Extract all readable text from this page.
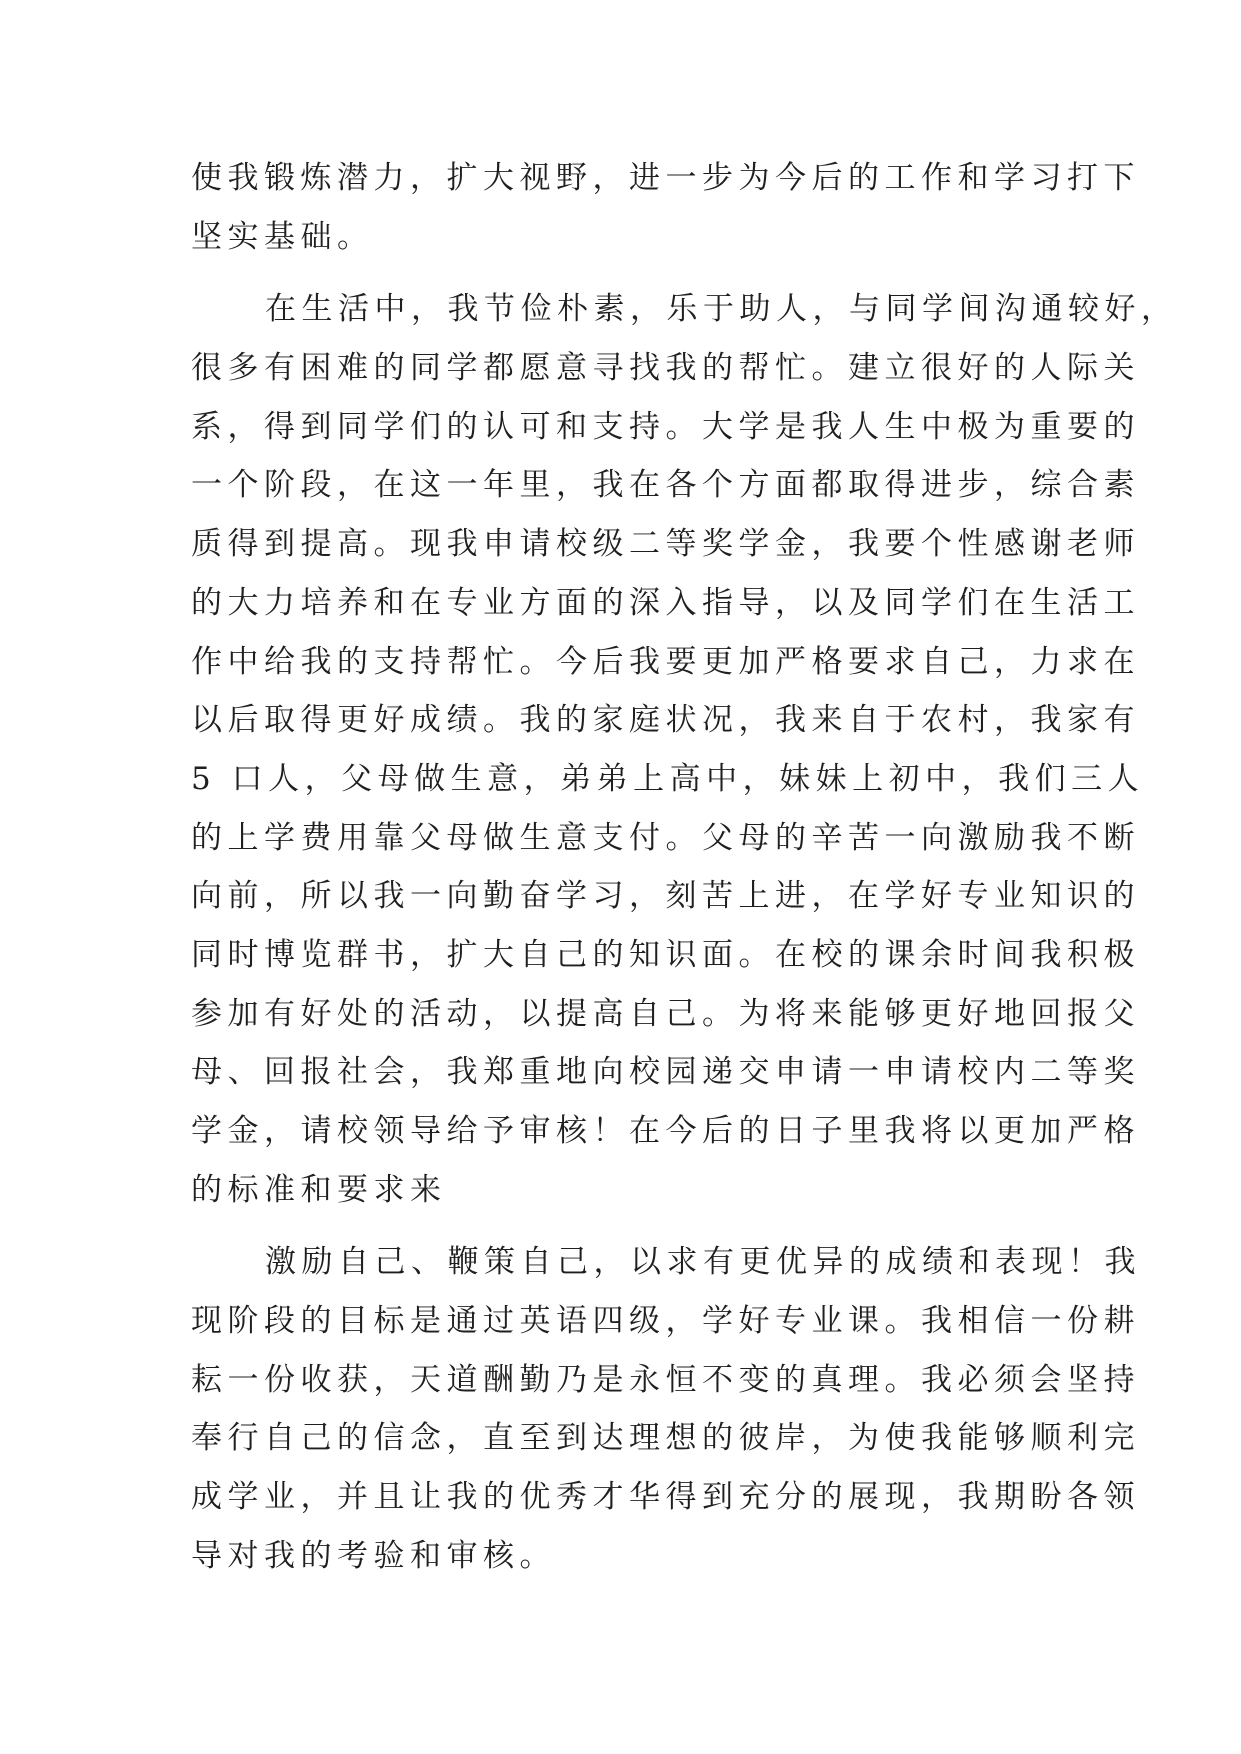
使我锻炼潜力，扩大视野，进一步为今后的工作和学习打下
坚实基础。
在生活中，我节俭朴素，乐于助人，与同学间沟通较好，
很多有困难的同学都愿意寻找我的帮忙。建立很好的人际关
系，得到同学们的认可和支持。大学是我人生中极为重要的
一个阶段，在这一年里，我在各个方面都取得进步，综合素
质得到提高。现我申请校级二等奖学金，我要个性感谢老师
的大力培养和在专业方面的深入指导，以及同学们在生活工
作中给我的支持帮忙。今后我要更加严格要求自己，力求在
以后取得更好成绩。我的家庭状况，我来自于农村，我家有
5 口人，父母做生意，弟弟上高中，妹妹上初中，我们三人
的上学费用靠父母做生意支付。父母的辛苦一向激励我不断
向前，所以我一向勤奋学习，刻苦上进，在学好专业知识的
同时博览群书，扩大自己的知识面。在校的课余时间我积极
参加有好处的活动，以提高自己。为将来能够更好地回报父
母、回报社会，我郑重地向校园递交申请一申请校内二等奖
学金，请校领导给予审核！在今后的日子里我将以更加严格
的标准和要求来
激励自己、鞭策自己，以求有更优异的成绩和表现！我
现阶段的目标是通过英语四级，学好专业课。我相信一份耕
耘一份收获，天道酬勤乃是永恒不变的真理。我必须会坚持
奉行自己的信念，直至到达理想的彼岸，为使我能够顺利完
成学业，并且让我的优秀才华得到充分的展现，我期盼各领
导对我的考验和审核。
